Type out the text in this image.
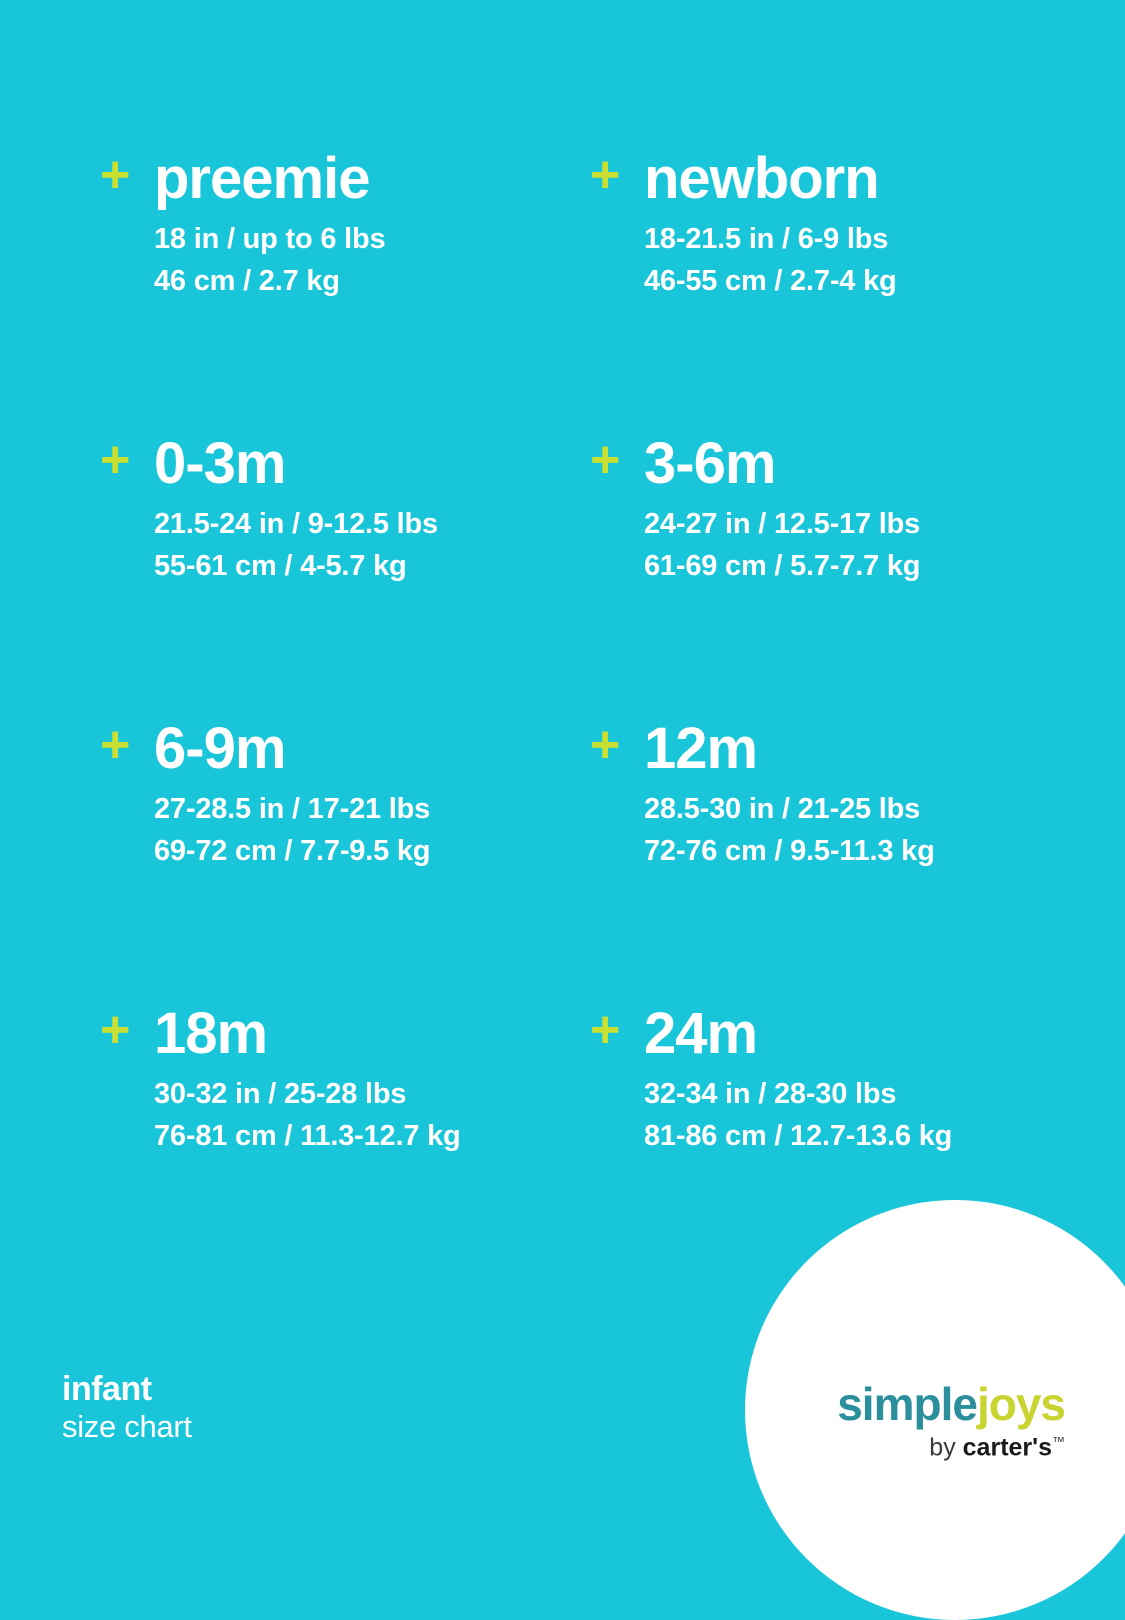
+ preemie
18 in / up to 6 lbs
46 cm / 2.7 kg
+ newborn
18-21.5 in / 6-9 lbs
46-55 cm / 2.7-4 kg
+ 0-3m
21.5-24 in / 9-12.5 lbs
55-61 cm / 4-5.7 kg
+ 3-6m
24-27 in / 12.5-17 lbs
61-69 cm / 5.7-7.7 kg
+ 6-9m
27-28.5 in / 17-21 lbs
69-72 cm / 7.7-9.5 kg
+ 12m
28.5-30 in / 21-25 lbs
72-76 cm / 9.5-11.3 kg
+ 18m
30-32 in / 25-28 lbs
76-81 cm / 11.3-12.7 kg
+ 24m
32-34 in / 28-30 lbs
81-86 cm / 12.7-13.6 kg
infant
size chart	simplejoys
by carter's™
